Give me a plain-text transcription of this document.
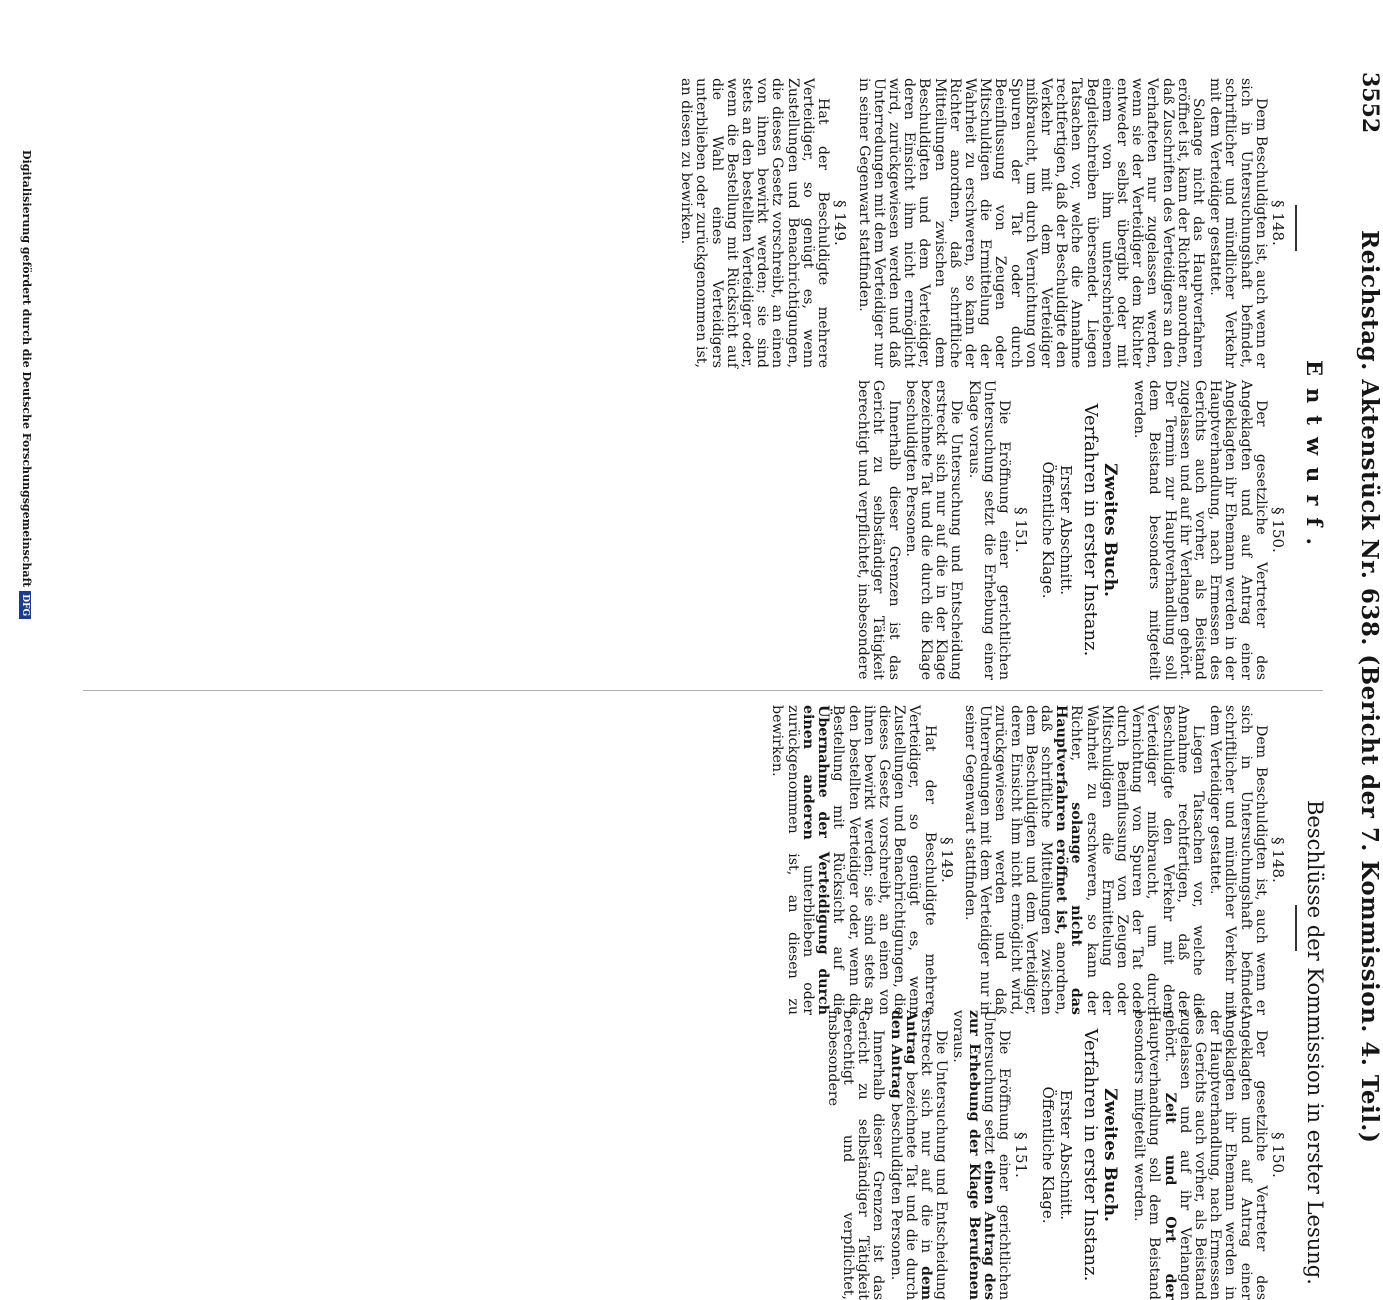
3552
Reichstag. Aktenstück Nr. 638. (Bericht der 7. Kommission. 4. Teil.)
Entwurf.
Beschlüsse der Kommission in erster Lesung.
§ 148.

Dem Beschuldigten ist, auch wenn er sich in Untersuchungshaft befindet, schriftlicher und mündlicher Verkehr mit dem Verteidiger gestattet.

Solange nicht das Hauptverfahren eröffnet ist, kann der Richter anordnen, daß Zuschriften des Verteidigers an den Verhafteten nur zugelassen werden, wenn sie der Verteidiger dem Richter entweder selbst übergibt oder mit einem von ihm unterschriebenen Begleitschreiben übersendet. Liegen Tatsachen vor, welche die Annahme rechtfertigen, daß der Beschuldigte den Verkehr mit dem Verteidiger mißbraucht, um durch Vernichtung von Spuren der Tat oder durch Beeinflussung von Zeugen oder Mitschuldigen die Ermittelung der Wahrheit zu erschweren, so kann der Richter anordnen, daß schriftliche Mitteilungen zwischen dem Beschuldigten und dem Verteidiger, deren Einsicht ihm nicht ermöglicht wird, zurückgewiesen werden und daß Unterredungen mit dem Verteidiger nur in seiner Gegenwart stattfinden.

§ 149.

Hat der Beschuldigte mehrere Verteidiger, so genügt es, wenn Zustellungen und Benachrichtigungen, die dieses Gesetz vorschreibt, an einen von ihnen bewirkt werden; sie sind stets an den bestellten Verteidiger oder, wenn die Bestellung mit Rücksicht auf die Wahl eines Verteidigers unterblieben oder zurückgenommen ist, an diesen zu bewirken.

§ 150.

Der gesetzliche Vertreter des Angeklagten und auf Antrag einer Angeklagten ihr Ehemann werden in der Hauptverhandlung, nach Ermessen des Gerichts auch vorher, als Beistand zugelassen und auf ihr Verlangen gehört. Der Termin zur Hauptverhandlung soll dem Beistand besonders mitgeteilt werden.

Zweites Buch.
Verfahren in erster Instanz.
Erster Abschnitt.
Öffentliche Klage.
§ 151.

Die Eröffnung einer gerichtlichen Untersuchung setzt die Erhebung einer Klage voraus.

Die Untersuchung und Entscheidung erstreckt sich nur auf die in der Klage bezeichnete Tat und die durch die Klage beschuldigten Personen.

Innerhalb dieser Grenzen ist das Gericht zu selbständiger Tätigkeit berechtigt und verpflichtet, insbesondere

§ 148.

Dem Beschuldigten ist, auch wenn er sich in Untersuchungshaft befindet, schriftlicher und mündlicher Verkehr mit dem Verteidiger gestattet.

Liegen Tatsachen vor, welche die Annahme rechtfertigen, daß der Beschuldigte den Verkehr mit dem Verteidiger mißbraucht, um durch Vernichtung von Spuren der Tat oder durch Beeinflussung von Zeugen oder Mitschuldigen die Ermittelung der Wahrheit zu erschweren, so kann der Richter, solange nicht das Hauptverfahren eröffnet ist, anordnen, daß schriftliche Mitteilungen zwischen dem Beschuldigten und dem Verteidiger, deren Einsicht ihm nicht ermöglicht wird, zurückgewiesen werden und daß Unterredungen mit dem Verteidiger nur in seiner Gegenwart stattfinden.

§ 149.

Hat der Beschuldigte mehrere Verteidiger, so genügt es, wenn Zustellungen und Benachrichtigungen, die dieses Gesetz vorschreibt, an einen von ihnen bewirkt werden; sie sind stets an den bestellten Verteidiger oder, wenn die Bestellung mit Rücksicht auf die Übernahme der Verteidigung durch einen anderen unterblieben oder zurückgenommen ist, an diesen zu bewirken.

§ 150.

Der gesetzliche Vertreter des Angeklagten und auf Antrag einer Angeklagten ihr Ehemann werden in der Hauptverhandlung, nach Ermessen des Gerichts auch vorher, als Beistand zugelassen und auf ihr Verlangen gehört. Zeit und Ort der Hauptverhandlung soll dem Beistand besonders mitgeteilt werden.

Zweites Buch.
Verfahren in erster Instanz.
Erster Abschnitt.
Öffentliche Klage.
§ 151.

Die Eröffnung einer gerichtlichen Untersuchung setzt einen Antrag des zur Erhebung der Klage Berufenen voraus.

Die Untersuchung und Entscheidung erstreckt sich nur auf die in dem Antrag bezeichnete Tat und die durch den Antrag beschuldigten Personen.

Innerhalb dieser Grenzen ist das Gericht zu selbständiger Tätigkeit berechtigt und verpflichtet, insbesondere

Digitalisierung gefördert durch die Deutsche ForschungsgemeinschaftDFG
